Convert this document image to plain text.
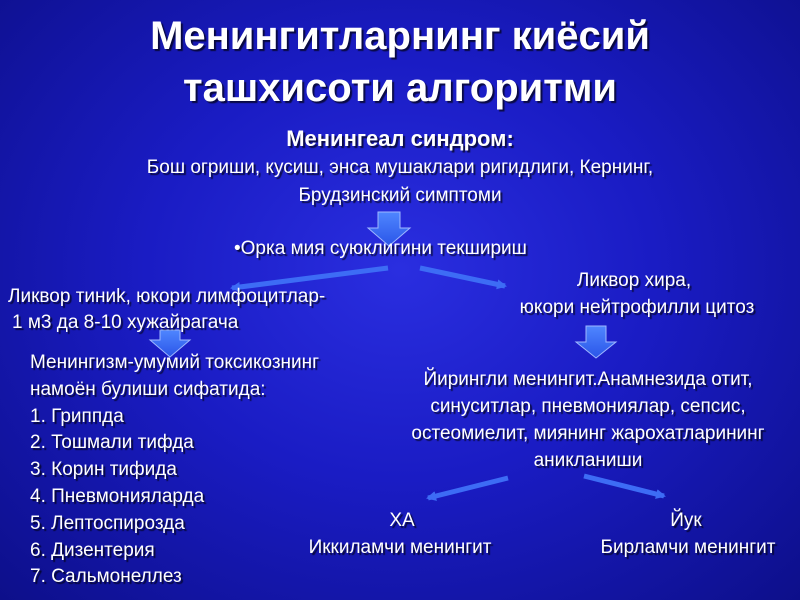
Менингитларнинг киёсий
ташхисоти алгоритми
Менингеал синдром:
Бош огриши, кусиш, энса мушаклари ригидлиги, Кернинг,
Брудзинский симптоми
•Орка мия суюклигини текшириш
Ликвор тиниk, юкори лимфоцитлар-
1 м3 да 8-10 хужайрагача
Ликвор хира,
юкори нейтрофилли цитоз
Менингизм-умумий токсикознинг
намоён булиши сифатида:
1. Гриппда
2. Тошмали тифда
3. Корин тифида
4. Пневмонияларда
5. Лептоспирозда
6. Дизентерия
7. Сальмонеллез
Йирингли менингит.Анамнезида отит,
синуситлар, пневмониялар, сепсис,
остеомиелит, миянинг жарохатларининг
аникланиши
ХА
Иккиламчи менингит
Йук
Бирламчи менингит
